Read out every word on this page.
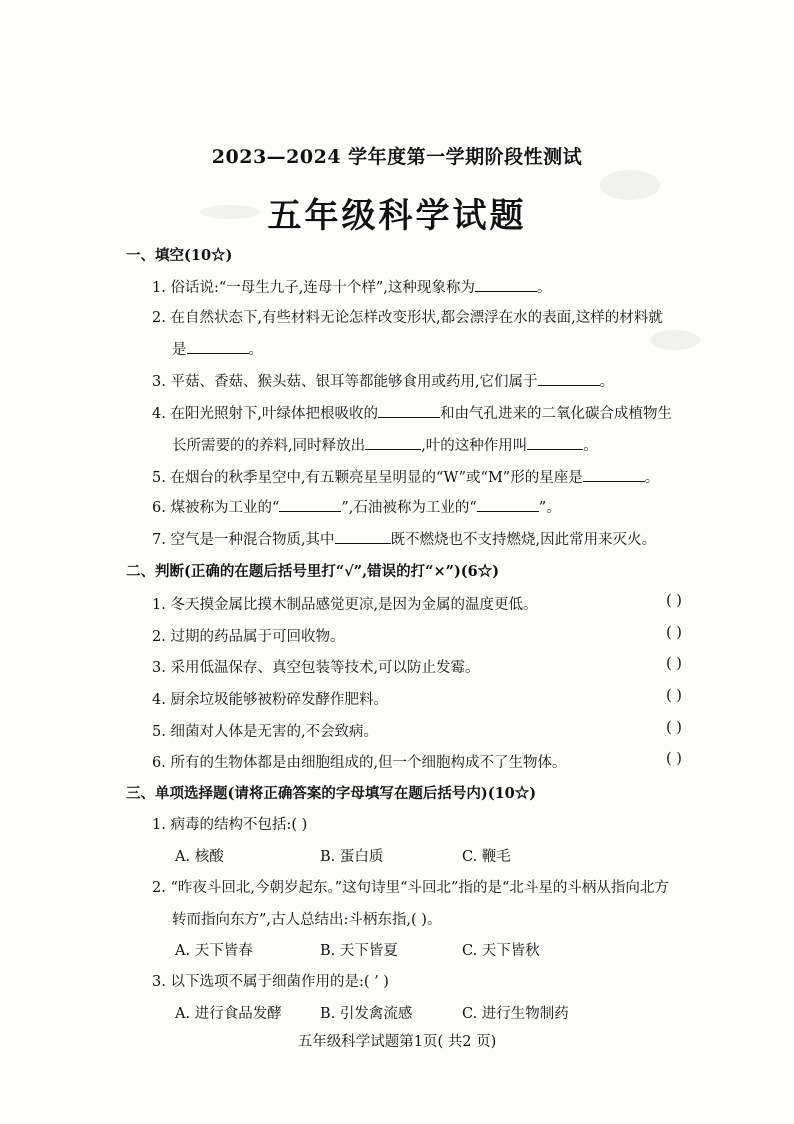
2023—2024 学年度第一学期阶段性测试
五年级科学试题
一、填空(10☆)
1. 俗话说:“一母生九子,连母十个样”,这种现象称为	。
2. 在自然状态下,有些材料无论怎样改变形状,都会漂浮在水的表面,这样的材料就
是	。
3. 平菇、香菇、猴头菇、银耳等都能够食用或药用,它们属于	。
4. 在阳光照射下,叶绿体把根吸收的	和由气孔进来的二氧化碳合成植物生
长所需要的的养料,同时释放出	,叶的这种作用叫	。
5. 在烟台的秋季星空中,有五颗亮星呈明显的“W”或“M”形的星座是	。
6. 煤被称为工业的“	”,石油被称为工业的“	”。
7. 空气是一种混合物质,其中	既不燃烧也不支持燃烧,因此常用来灭火。
二、判断(正确的在题后括号里打“√”,错误的打“×”)(6☆)
1. 冬天摸金属比摸木制品感觉更凉,是因为金属的温度更低。	( )
2. 过期的药品属于可回收物。	( )
3. 采用低温保存、真空包装等技术,可以防止发霉。	( )
4. 厨余垃圾能够被粉碎发酵作肥料。	( )
5. 细菌对人体是无害的,不会致病。	( )
6. 所有的生物体都是由细胞组成的,但一个细胞构成不了生物体。	( )
三、单项选择题(请将正确答案的字母填写在题后括号内)(10☆)
1. 病毒的结构不包括:( )
A. 核酸	B. 蛋白质	C. 鞭毛
2. “昨夜斗回北,今朝岁起东。”这句诗里“斗回北”指的是“北斗星的斗柄从指向北方
转而指向东方”,古人总结出:斗柄东指,( )。
A. 天下皆春	B. 天下皆夏	C. 天下皆秋
3. 以下选项不属于细菌作用的是:( ’ )
A. 进行食品发酵	B. 引发禽流感	C. 进行生物制药
五年级科学试题第1页( 共2 页)
